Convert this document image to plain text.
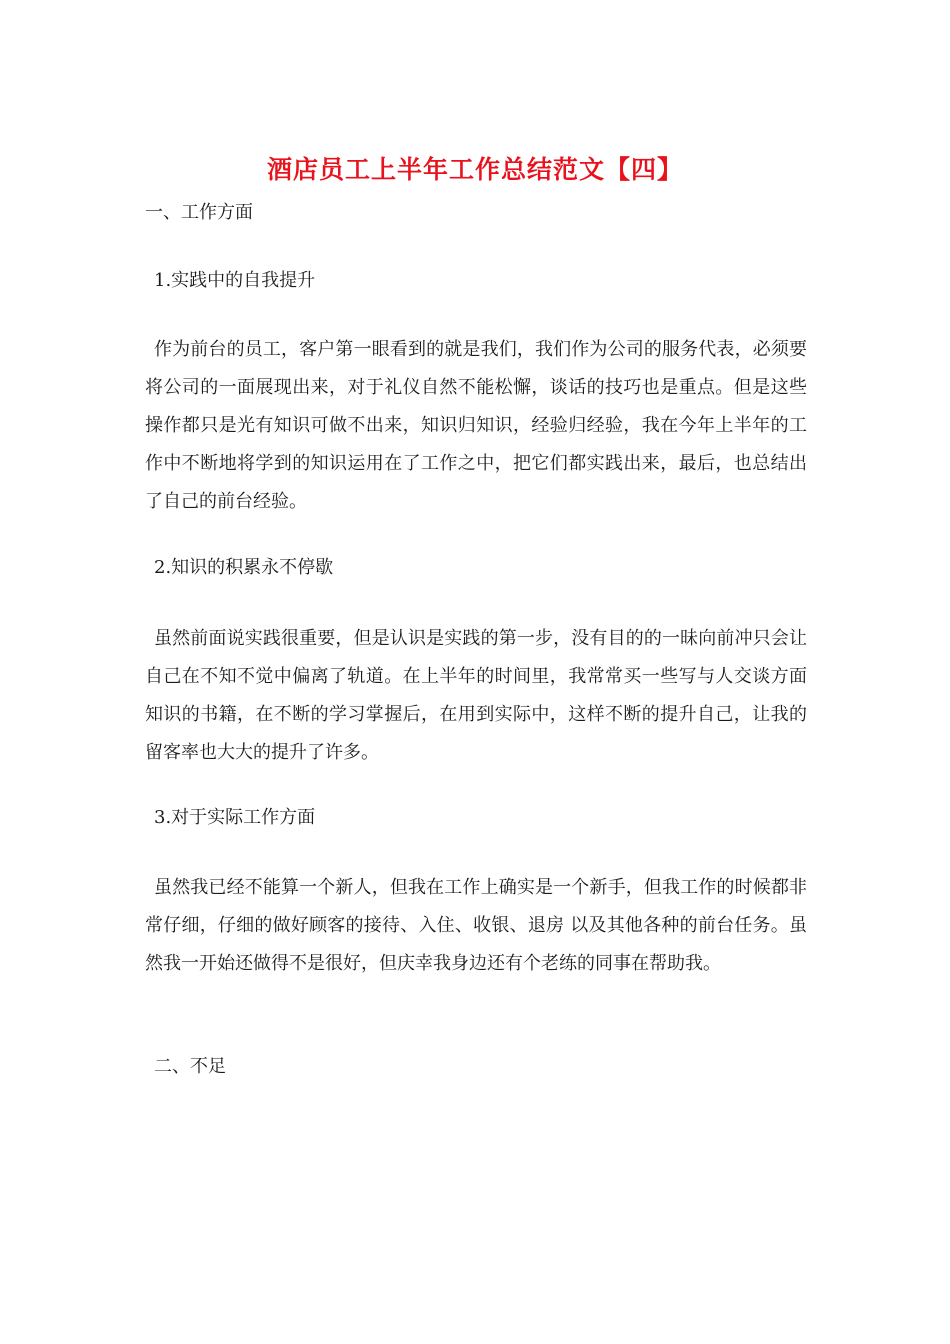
酒店员工上半年工作总结范文【四】
一、工作方面
1.实践中的自我提升
作为前台的员工，客户第一眼看到的就是我们，我们作为公司的服务代表，必须要将公司的一面展现出来，对于礼仪自然不能松懈，谈话的技巧也是重点。但是这些操作都只是光有知识可做不出来，知识归知识，经验归经验，我在今年上半年的工作中不断地将学到的知识运用在了工作之中，把它们都实践出来，最后，也总结出了自己的前台经验。
2.知识的积累永不停歇
虽然前面说实践很重要，但是认识是实践的第一步，没有目的的一昧向前冲只会让自己在不知不觉中偏离了轨道。在上半年的时间里，我常常买一些写与人交谈方面知识的书籍，在不断的学习掌握后，在用到实际中，这样不断的提升自己，让我的留客率也大大的提升了许多。
3.对于实际工作方面
虽然我已经不能算一个新人，但我在工作上确实是一个新手，但我工作的时候都非常仔细，仔细的做好顾客的接待、入住、收银、退房 以及其他各种的前台任务。虽然我一开始还做得不是很好，但庆幸我身边还有个老练的同事在帮助我。
二、不足
